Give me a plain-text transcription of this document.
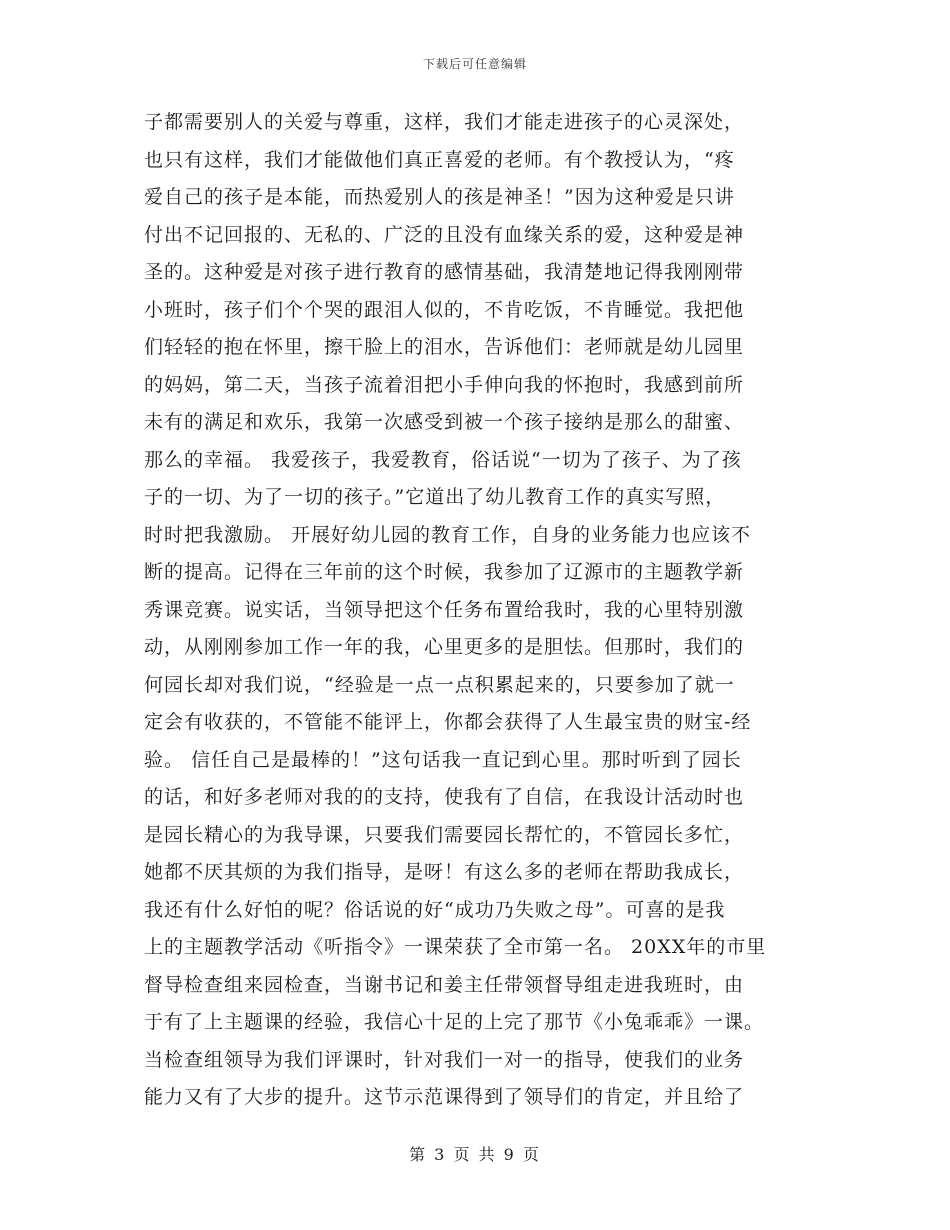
下载后可任意编辑
子都需要别人的关爱与尊重，这样，我们才能走进孩子的心灵深处，
也只有这样，我们才能做他们真正喜爱的老师。有个教授认为，“疼
爱自己的孩子是本能，而热爱别人的孩是神圣！”因为这种爱是只讲
付出不记回报的、无私的、广泛的且没有血缘关系的爱，这种爱是神
圣的。这种爱是对孩子进行教育的感情基础，我清楚地记得我刚刚带
小班时，孩子们个个哭的跟泪人似的，不肯吃饭，不肯睡觉。我把他
们轻轻的抱在怀里，擦干脸上的泪水，告诉他们：老师就是幼儿园里
的妈妈，第二天，当孩子流着泪把小手伸向我的怀抱时，我感到前所
未有的满足和欢乐，我第一次感受到被一个孩子接纳是那么的甜蜜、
那么的幸福。 我爱孩子，我爱教育，俗话说“一切为了孩子、为了孩
子的一切、为了一切的孩子。”它道出了幼儿教育工作的真实写照，
时时把我激励。 开展好幼儿园的教育工作，自身的业务能力也应该不
断的提高。记得在三年前的这个时候，我参加了辽源市的主题教学新
秀课竞赛。说实话，当领导把这个任务布置给我时，我的心里特别激
动，从刚刚参加工作一年的我，心里更多的是胆怯。但那时，我们的
何园长却对我们说，“经验是一点一点积累起来的，只要参加了就一
定会有收获的，不管能不能评上，你都会获得了人生最宝贵的财宝-经
验。 信任自己是最棒的！”这句话我一直记到心里。那时听到了园长
的话，和好多老师对我的的支持，使我有了自信，在我设计活动时也
是园长精心的为我导课，只要我们需要园长帮忙的，不管园长多忙，
她都不厌其烦的为我们指导，是呀！有这么多的老师在帮助我成长，
我还有什么好怕的呢？俗话说的好“成功乃失败之母”。可喜的是我
上的主题教学活动《听指令》一课荣获了全市第一名。 20XX年的市里
督导检查组来园检查，当谢书记和姜主任带领督导组走进我班时，由
于有了上主题课的经验，我信心十足的上完了那节《小兔乖乖》一课。
当检查组领导为我们评课时，针对我们一对一的指导，使我们的业务
能力又有了大步的提升。这节示范课得到了领导们的肯定，并且给了
第 3 页 共 9 页
